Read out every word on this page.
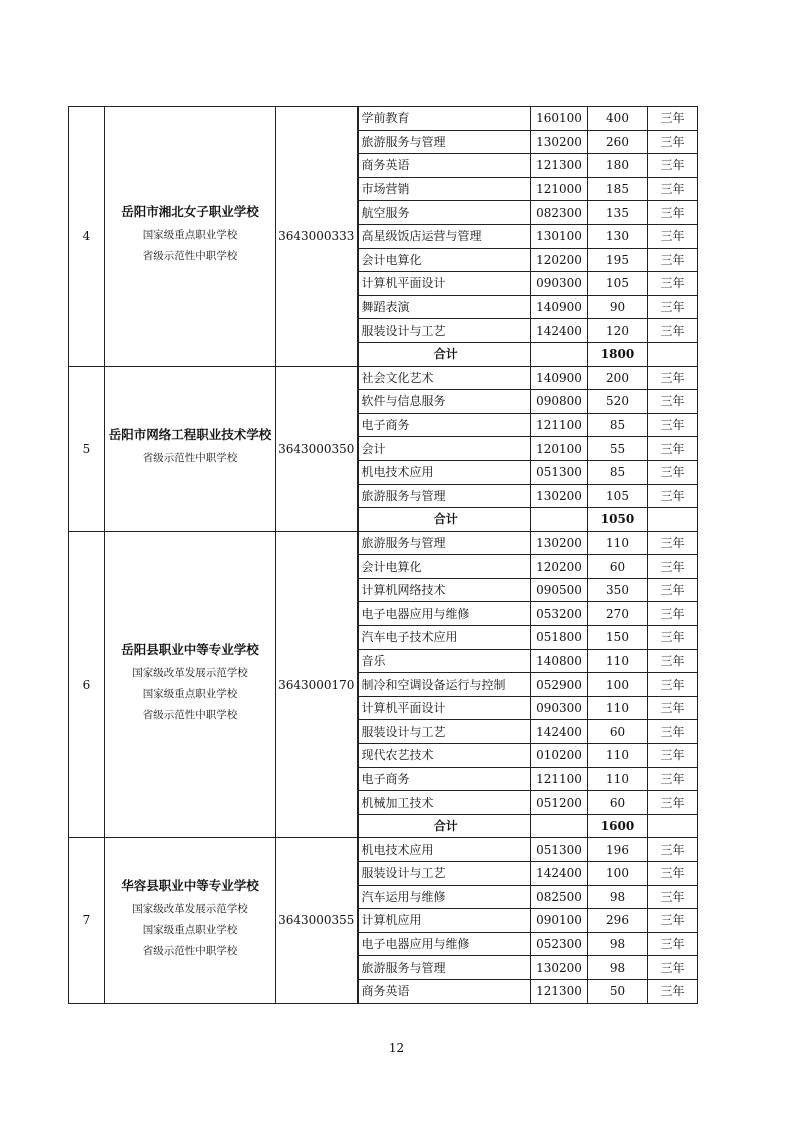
4	岳阳市湘北女子职业学校
国家级重点职业学校
省级示范性中职学校	3643000333	学前教育	160100	400	三年
			旅游服务与管理	130200	260	三年
			商务英语	121300	180	三年
			市场营销	121000	185	三年
			航空服务	082300	135	三年
			高星级饭店运营与管理	130100	130	三年
			会计电算化	120200	195	三年
			计算机平面设计	090300	105	三年
			舞蹈表演	140900	90	三年
			服装设计与工艺	142400	120	三年
			合计		1800	
5	岳阳市网络工程职业技术学校
省级示范性中职学校	3643000350	社会文化艺术	140900	200	三年
			软件与信息服务	090800	520	三年
			电子商务	121100	85	三年
			会计	120100	55	三年
			机电技术应用	051300	85	三年
			旅游服务与管理	130200	105	三年
			合计		1050	
6	岳阳县职业中等专业学校
国家级改革发展示范学校
国家级重点职业学校
省级示范性中职学校	3643000170	旅游服务与管理	130200	110	三年
			会计电算化	120200	60	三年
			计算机网络技术	090500	350	三年
			电子电器应用与维修	053200	270	三年
			汽车电子技术应用	051800	150	三年
			音乐	140800	110	三年
			制冷和空调设备运行与控制	052900	100	三年
			计算机平面设计	090300	110	三年
			服装设计与工艺	142400	60	三年
			现代农艺技术	010200	110	三年
			电子商务	121100	110	三年
			机械加工技术	051200	60	三年
			合计		1600	
7	华容县职业中等专业学校
国家级改革发展示范学校
国家级重点职业学校
省级示范性中职学校	3643000355	机电技术应用	051300	196	三年
			服装设计与工艺	142400	100	三年
			汽车运用与维修	082500	98	三年
			计算机应用	090100	296	三年
			电子电器应用与维修	052300	98	三年
			旅游服务与管理	130200	98	三年
			商务英语	121300	50	三年
12
